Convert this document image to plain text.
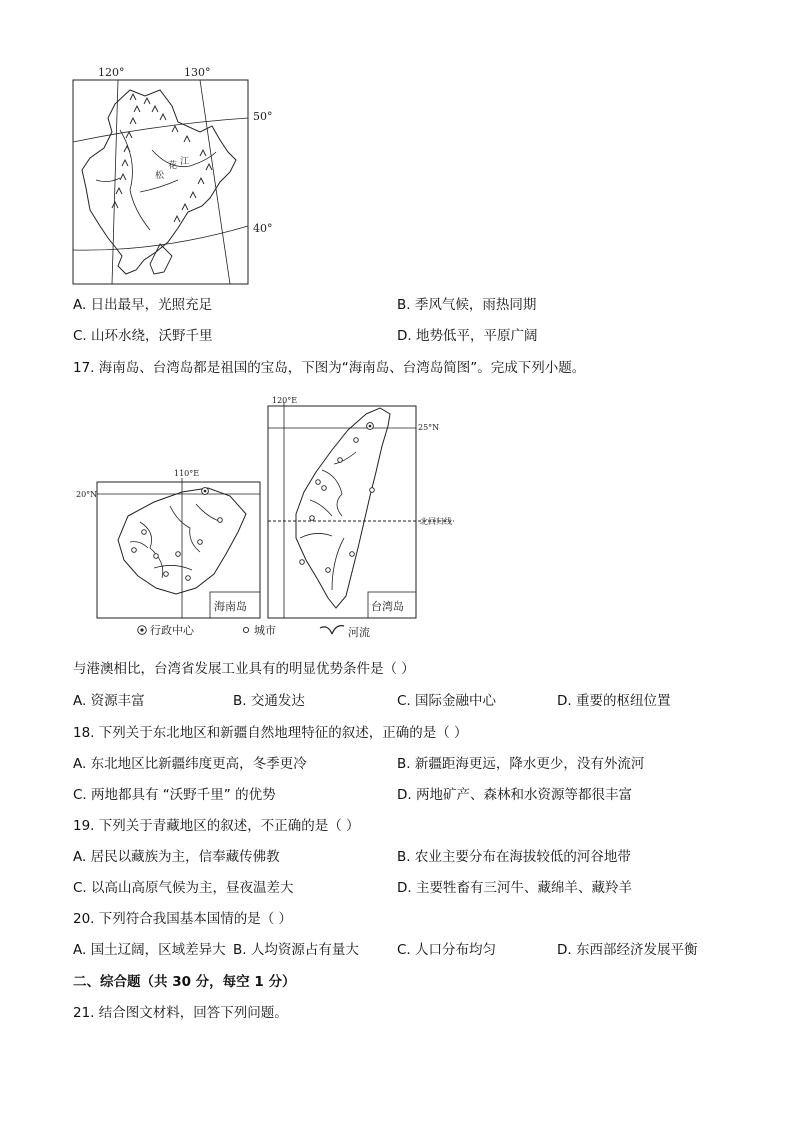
120°	130°
50°
40°
松
花 江
A. 日出最早，光照充足	B. 季风气候，雨热同期
C. 山环水绕，沃野千里	D. 地势低平，平原广阔
17. 海南岛、台湾岛都是祖国的宝岛，下图为“海南岛、台湾岛简图”。完成下列小题。
110°E
20°N
海南岛
120°E
25°N
北回归线
台湾岛
行政中心	城市	河流
与港澳相比，台湾省发展工业具有的明显优势条件是（ ）
A. 资源丰富	B. 交通发达	C. 国际金融中心	D. 重要的枢纽位置
18. 下列关于东北地区和新疆自然地理特征的叙述，正确的是（ ）
A. 东北地区比新疆纬度更高，冬季更冷	B. 新疆距海更远，降水更少，没有外流河
C. 两地都具有 “沃野千里” 的优势	D. 两地矿产、森林和水资源等都很丰富
19. 下列关于青藏地区的叙述，不正确的是（ ）
A. 居民以藏族为主，信奉藏传佛教	B. 农业主要分布在海拔较低的河谷地带
C. 以高山高原气候为主，昼夜温差大	D. 主要牲畜有三河牛、藏绵羊、藏羚羊
20. 下列符合我国基本国情的是（ ）
A. 国土辽阔，区域差异大 B. 人均资源占有量大	C. 人口分布均匀	D. 东西部经济发展平衡
二、综合题（共 30 分，每空 1 分）
21. 结合图文材料，回答下列问题。
